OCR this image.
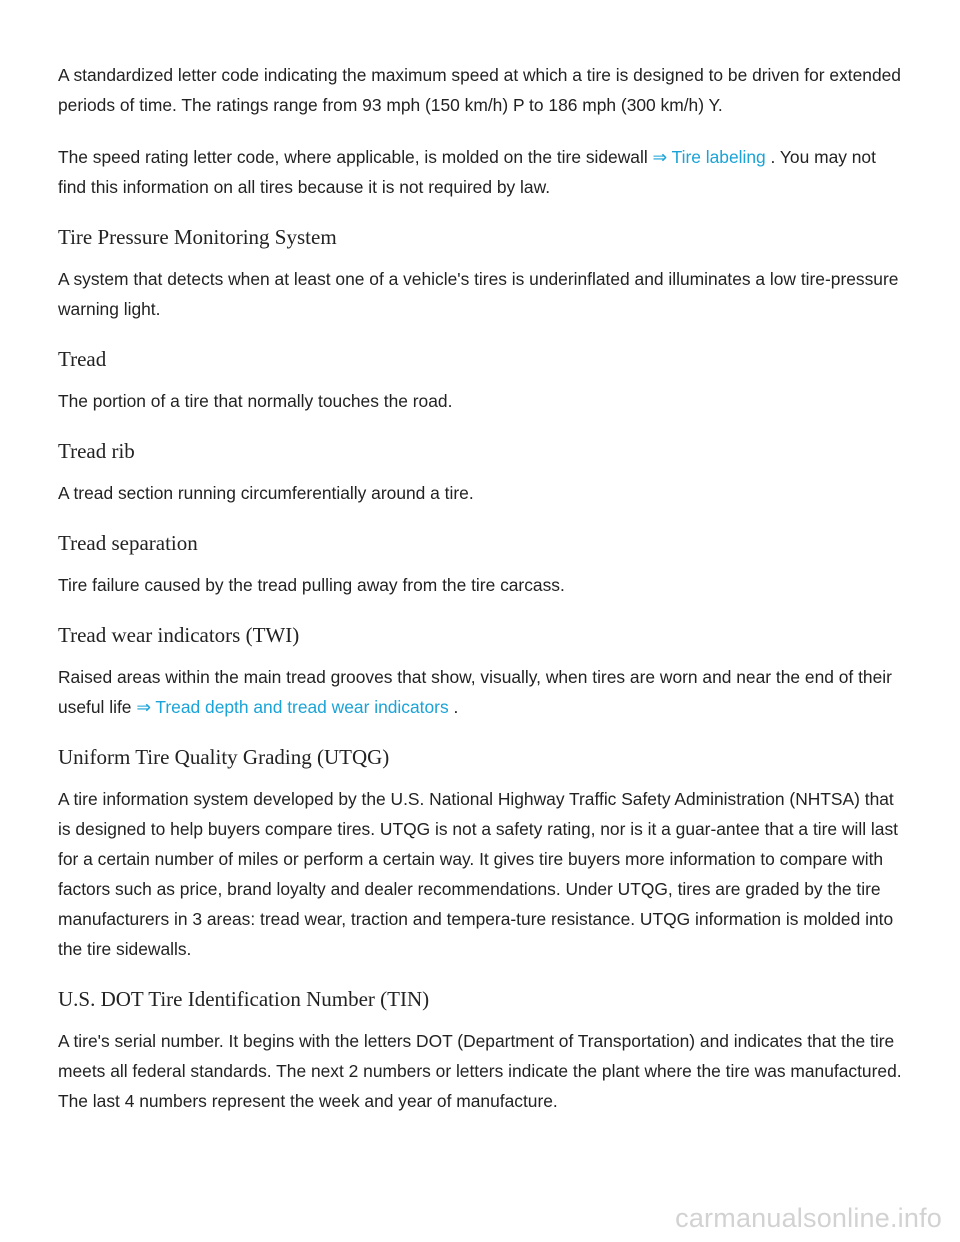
A standardized letter code indicating the maximum speed at which a tire is designed to be driven for extended periods of time. The ratings range from 93 mph (150 km/h) P to 186 mph (300 km/h) Y.

The speed rating letter code, where applicable, is molded on the tire sidewall ⇒ Tire labeling . You may not find this information on all tires because it is not required by law.

Tire Pressure Monitoring System

A system that detects when at least one of a vehicle's tires is underinflated and illuminates a low tire-pressure warning light.

Tread

The portion of a tire that normally touches the road.

Tread rib

A tread section running circumferentially around a tire.

Tread separation

Tire failure caused by the tread pulling away from the tire carcass.

Tread wear indicators (TWI)

Raised areas within the main tread grooves that show, visually, when tires are worn and near the end of their useful life ⇒ Tread depth and tread wear indicators .

Uniform Tire Quality Grading (UTQG)

A tire information system developed by the U.S. National Highway Traffic Safety Administration (NHTSA) that is designed to help buyers compare tires. UTQG is not a safety rating, nor is it a guar-antee that a tire will last for a certain number of miles or perform a certain way. It gives tire buyers more information to compare with factors such as price, brand loyalty and dealer recommendations. Under UTQG, tires are graded by the tire manufacturers in 3 areas: tread wear, traction and tempera-ture resistance. UTQG information is molded into the tire sidewalls.

U.S. DOT Tire Identification Number (TIN)

A tire's serial number. It begins with the letters DOT (Department of Transportation) and indicates that the tire meets all federal standards. The next 2 numbers or letters indicate the plant where the tire was manufactured. The last 4 numbers represent the week and year of manufacture.

carmanualsonline.info
